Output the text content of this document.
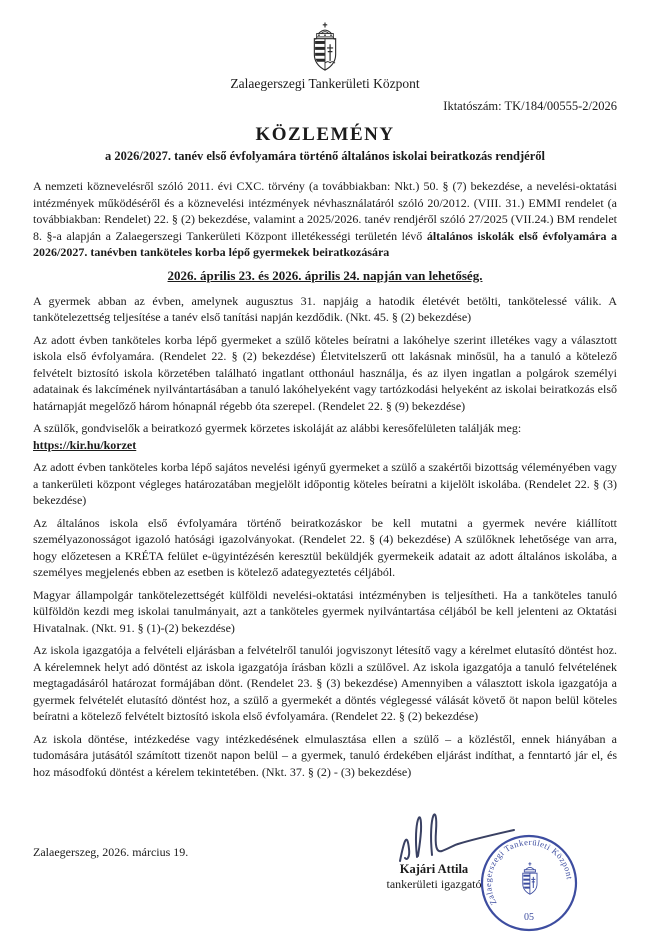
Zalaegerszegi Tankerületi Központ
Iktatószám: TK/184/00555-2/2026
KÖZLEMÉNY
a 2026/2027. tanév első évfolyamára történő általános iskolai beiratkozás rendjéről

A nemzeti köznevelésről szóló 2011. évi CXC. törvény (a továbbiakban: Nkt.) 50. § (7) bekezdése, a nevelési-oktatási intézmények működéséről és a köznevelési intézmények névhasználatáról szóló 20/2012. (VIII. 31.) EMMI rendelet (a továbbiakban: Rendelet) 22. § (2) bekezdése, valamint a 2025/2026. tanév rendjéről szóló 27/2025 (VII.24.) BM rendelet 8. §-a alapján a Zalaegerszegi Tankerületi Központ illetékességi területén lévő általános iskolák első évfolyamára a 2026/2027. tanévben tanköteles korba lépő gyermekek beiratkozására

2026. április 23. és 2026. április 24. napján van lehetőség.

A gyermek abban az évben, amelynek augusztus 31. napjáig a hatodik életévét betölti, tankötelessé válik. A tankötelezettség teljesítése a tanév első tanítási napján kezdődik. (Nkt. 45. § (2) bekezdése)

Az adott évben tanköteles korba lépő gyermeket a szülő köteles beíratni a lakóhelye szerint illetékes vagy a választott iskola első évfolyamára. (Rendelet 22. § (2) bekezdése) Életvitelszerű ott lakásnak minősül, ha a tanuló a kötelező felvételt biztosító iskola körzetében található ingatlant otthonául használja, és az ilyen ingatlan a polgárok személyi adatainak és lakcímének nyilvántartásában a tanuló lakóhelyeként vagy tartózkodási helyeként az iskolai beiratkozás első határnapját megelőző három hónapnál régebb óta szerepel. (Rendelet 22. § (9) bekezdése)

A szülők, gondviselők a beiratkozó gyermek körzetes iskoláját az alábbi keresőfelületen találják meg:
https://kir.hu/korzet

Az adott évben tanköteles korba lépő sajátos nevelési igényű gyermeket a szülő a szakértői bizottság véleményében vagy a tankerületi központ végleges határozatában megjelölt időpontig köteles beíratni a kijelölt iskolába. (Rendelet 22. § (3) bekezdése)

Az általános iskola első évfolyamára történő beiratkozáskor be kell mutatni a gyermek nevére kiállított személyazonosságot igazoló hatósági igazolványokat. (Rendelet 22. § (4) bekezdése) A szülőknek lehetősége van arra, hogy előzetesen a KRÉTA felület e-ügyintézésén keresztül beküldjék gyermekeik adatait az adott általános iskolába, a személyes megjelenés ebben az esetben is kötelező adategyeztetés céljából.

Magyar állampolgár tankötelezettségét külföldi nevelési-oktatási intézményben is teljesítheti. Ha a tanköteles tanuló külföldön kezdi meg iskolai tanulmányait, azt a tanköteles gyermek nyilvántartása céljából be kell jelenteni az Oktatási Hivatalnak. (Nkt. 91. § (1)-(2) bekezdése)

Az iskola igazgatója a felvételi eljárásban a felvételről tanulói jogviszonyt létesítő vagy a kérelmet elutasító döntést hoz. A kérelemnek helyt adó döntést az iskola igazgatója írásban közli a szülővel. Az iskola igazgatója a tanuló felvételének megtagadásáról határozat formájában dönt. (Rendelet 23. § (3) bekezdése) Amennyiben a választott iskola igazgatója a gyermek felvételét elutasító döntést hoz, a szülő a gyermekét a döntés véglegessé válását követő öt napon belül köteles beíratni a kötelező felvételt biztosító iskola első évfolyamára. (Rendelet 22. § (2) bekezdése)

Az iskola döntése, intézkedése vagy intézkedésének elmulasztása ellen a szülő – a közléstől, ennek hiányában a tudomására jutásától számított tizenöt napon belül – a gyermek, tanuló érdekében eljárást indíthat, a fenntartó jár el, és hoz másodfokú döntést a kérelem tekintetében. (Nkt. 37. § (2) - (3) bekezdése)

Zalaegerszeg, 2026. március 19.
Kajári Attila
tankerületi igazgató
Zalaegerszegi Tankerületi Központ
05
